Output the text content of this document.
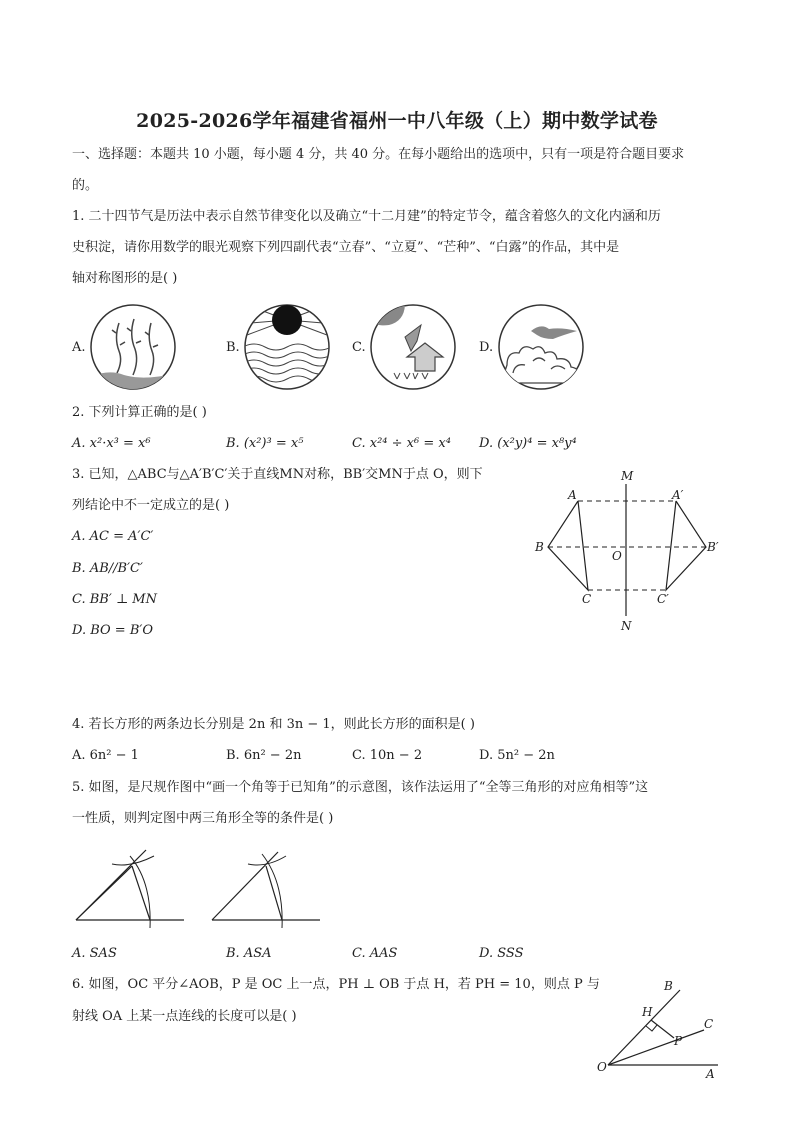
2025-2026学年福建省福州一中八年级（上）期中数学试卷
一、选择题：本题共 10 小题，每小题 4 分，共 40 分。在每小题给出的选项中，只有一项是符合题目要求
的。
1. 二十四节气是历法中表示自然节律变化以及确立“十二月建”的特定节令，蕴含着悠久的文化内涵和历
史积淀，请你用数学的眼光观察下列四副代表“立春”、“立夏”、“芒种”、“白露”的作品，其中是
轴对称图形的是( )
A.	B.	C.	D.
2. 下列计算正确的是( )
A. x²·x³ = x⁶	B. (x²)³ = x⁵	C. x²⁴ ÷ x⁶ = x⁴ D. (x²y)⁴ = x⁸y⁴
3. 已知，△ABC与△A′B′C′关于直线MN对称，BB′交MN于点 O，则下
列结论中不一定成立的是( )
A. AC = A′C′
B. AB//B′C′
C. BB′ ⊥ MN
D. BO = B′O
M
N
A	A′
B	B′
O
C	C′
4. 若长方形的两条边长分别是 2n 和 3n − 1，则此长方形的面积是( )
A. 6n² − 1	B. 6n² − 2n	C. 10n − 2	D. 5n² − 2n
5. 如图，是尺规作图中“画一个角等于已知角”的示意图，该作法运用了“全等三角形的对应角相等”这
一性质，则判定图中两三角形全等的条件是( )
A. SAS	B. ASA	C. AAS	D. SSS
6. 如图，OC 平分∠AOB，P 是 OC 上一点，PH ⊥ OB 于点 H，若 PH = 10，则点 P 与
射线 OA 上某一点连线的长度可以是( )
B
H
C
P
O	A
